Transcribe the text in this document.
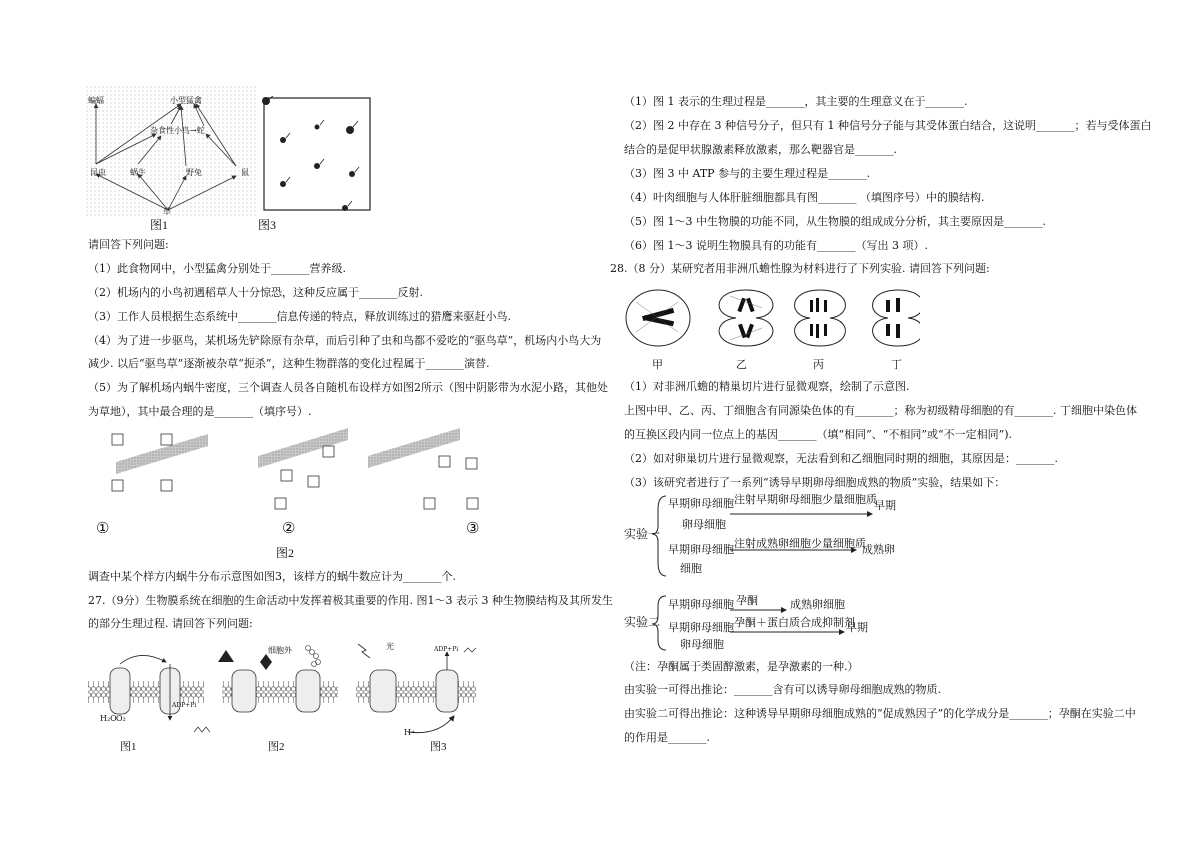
蝙蝠	小型猛禽
杂食性小鸟→蛇
昆虫	蜗牛	野兔	鼠
草
图1	图3
请回答下列问题:
（1）此食物网中，小型猛禽分别处于_______营养级.
（2）机场内的小鸟初遇稻草人十分惊恐，这种反应属于_______反射.
（3）工作人员根据生态系统中_______信息传递的特点，释放训练过的猎鹰来驱赶小鸟.
（4）为了进一步驱鸟，某机场先铲除原有杂草，而后引种了虫和鸟都不爱吃的“驱鸟草”，机场内小鸟大为
减少. 以后“驱鸟草”逐渐被杂草“扼杀”，这种生物群落的变化过程属于_______演替.
（5）为了解机场内蜗牛密度，三个调查人员各自随机布设样方如图2所示（图中阴影带为水泥小路，其他处
为草地），其中最合理的是_______（填序号）.
①	②	③
图2
调查中某个样方内蜗牛分布示意图如图3，该样方的蜗牛数应计为_______个.
27.（9分）生物膜系统在细胞的生命活动中发挥着极其重要的作用. 图1～3 表示 3 种生物膜结构及其所发生
的部分生理过程. 请回答下列问题:
细胞外	光	ADP+Pi
H₂O O₂
ADP+Pi
H⁺
图1	图2	图3
（1）图 1 表示的生理过程是_______，其主要的生理意义在于_______.
（2）图 2 中存在 3 种信号分子，但只有 1 种信号分子能与其受体蛋白结合，这说明_______；若与受体蛋白
结合的是促甲状腺激素释放激素，那么靶器官是_______.
（3）图 3 中 ATP 参与的主要生理过程是_______.
（4）叶肉细胞与人体肝脏细胞都具有图_______ （填图序号）中的膜结构.
（5）图 1～3 中生物膜的功能不同，从生物膜的组成成分分析，其主要原因是_______.
（6）图 1～3 说明生物膜具有的功能有_______（写出 3 项）.
28.（8 分）某研究者用非洲爪蟾性腺为材料进行了下列实验. 请回答下列问题:
甲	乙	丙	丁
（1）对非洲爪蟾的精巢切片进行显微观察，绘制了示意图.
上图中甲、乙、丙、丁细胞含有同源染色体的有_______；称为初级精母细胞的有_______. 丁细胞中染色体
的互换区段内同一位点上的基因_______（填“相同”、“不相同”或“不一定相同”).
（2）如对卵巢切片进行显微观察，无法看到和乙细胞同时期的细胞，其原因是：_______.
（3）该研究者进行了一系列“诱导早期卵母细胞成熟的物质”实验，结果如下：
实验一
早期卵母细胞 注射早期卵母细胞少量细胞质
早期
卵母细胞
早期卵母细胞 注射成熟卵细胞少量细胞质
成熟卵
细胞
实验二
早期卵母细胞 孕酮	成熟卵细胞
早期卵母细胞 孕酮＋蛋白质合成抑制剂
早期
卵母细胞
（注：孕酮属于类固醇激素，是孕激素的一种.）
由实验一可得出推论：_______含有可以诱导卵母细胞成熟的物质.
由实验二可得出推论：这种诱导早期卵母细胞成熟的“促成熟因子”的化学成分是_______；孕酮在实验二中
的作用是_______.
